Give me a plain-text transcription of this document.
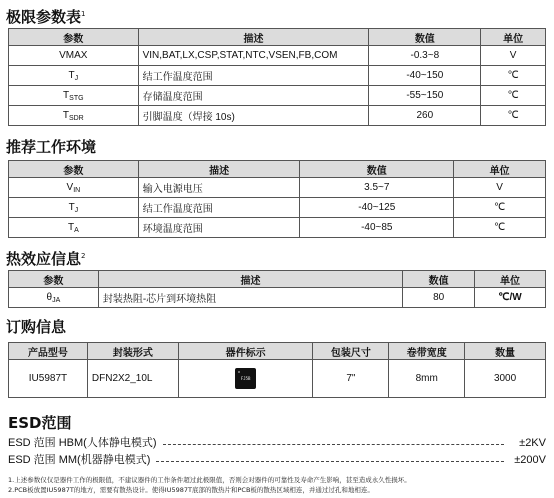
极限参数表$^1$
参数	描述	数值	单位
VMAX	VIN,BAT,LX,CSP,STAT,NTC,VSEN,FB,COM	-0.3~8	V
$T_J$	结工作温度范围	-40~150	℃
$T_{STG}$	存储温度范围	-55~150	℃
$T_{SDR}$	引脚温度（焊接 10s)	260	℃
推荐工作环境
参数	描述	数值	单位
$V_{IN}$	输入电源电压	3.5~7	V
$T_J$	结工作温度范围	-40~125	℃
$T_A$	环境温度范围	-40~85	℃
热效应信息$^2$
参数	描述	数值	单位
$\theta_{JA}$	封装热阻-芯片到环境热阻	80	℃/W
订购信息
产品型号	封装形式	器件标示	包装尺寸	卷带宽度	数量
IU5987T	DFN2X2_10L	FJ5B	7"	8mm	3000
ESD范围
ESD 范围 HBM(人体静电模式)	±2KV
ESD 范围 MM(机器静电模式)	±200V
1.上述参数仅仅是器件工作的极限值，不建议器件的工作条件超过此极限值，否则会对器件的可靠性及寿命产生影响，甚至造成永久性损坏。
2.PCB板放置IU5987T的地方，需要有散热设计。使得IU5987T底部的散热片和PCB板的散热区域相连，并通过过孔和地相连。
